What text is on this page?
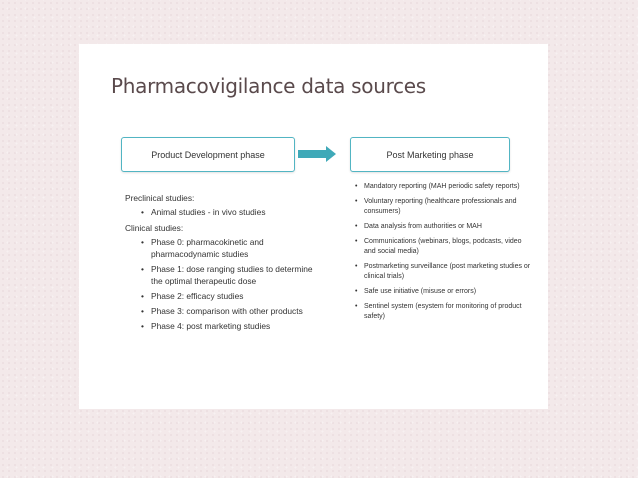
Pharmacovigilance data sources
Product Development phase	Post Marketing phase
Preclinical studies:
• Animal studies - in vivo studies
Clinical studies:
• Phase 0: pharmacokinetic and pharmacodynamic studies
• Phase 1: dose ranging studies to determine the optimal therapeutic dose
• Phase 2: efficacy studies
• Phase 3: comparison with other products
• Phase 4: post marketing studies
• Mandatory reporting (MAH periodic safety reports)
• Voluntary reporting (healthcare professionals and consumers)
• Data analysis from authorities or MAH
• Communications (webinars, blogs, podcasts, video and social media)
• Postmarketing surveillance (post marketing studies or clinical trials)
• Safe use initiative (misuse or errors)
• Sentinel system (esystem for monitoring of product safety)
